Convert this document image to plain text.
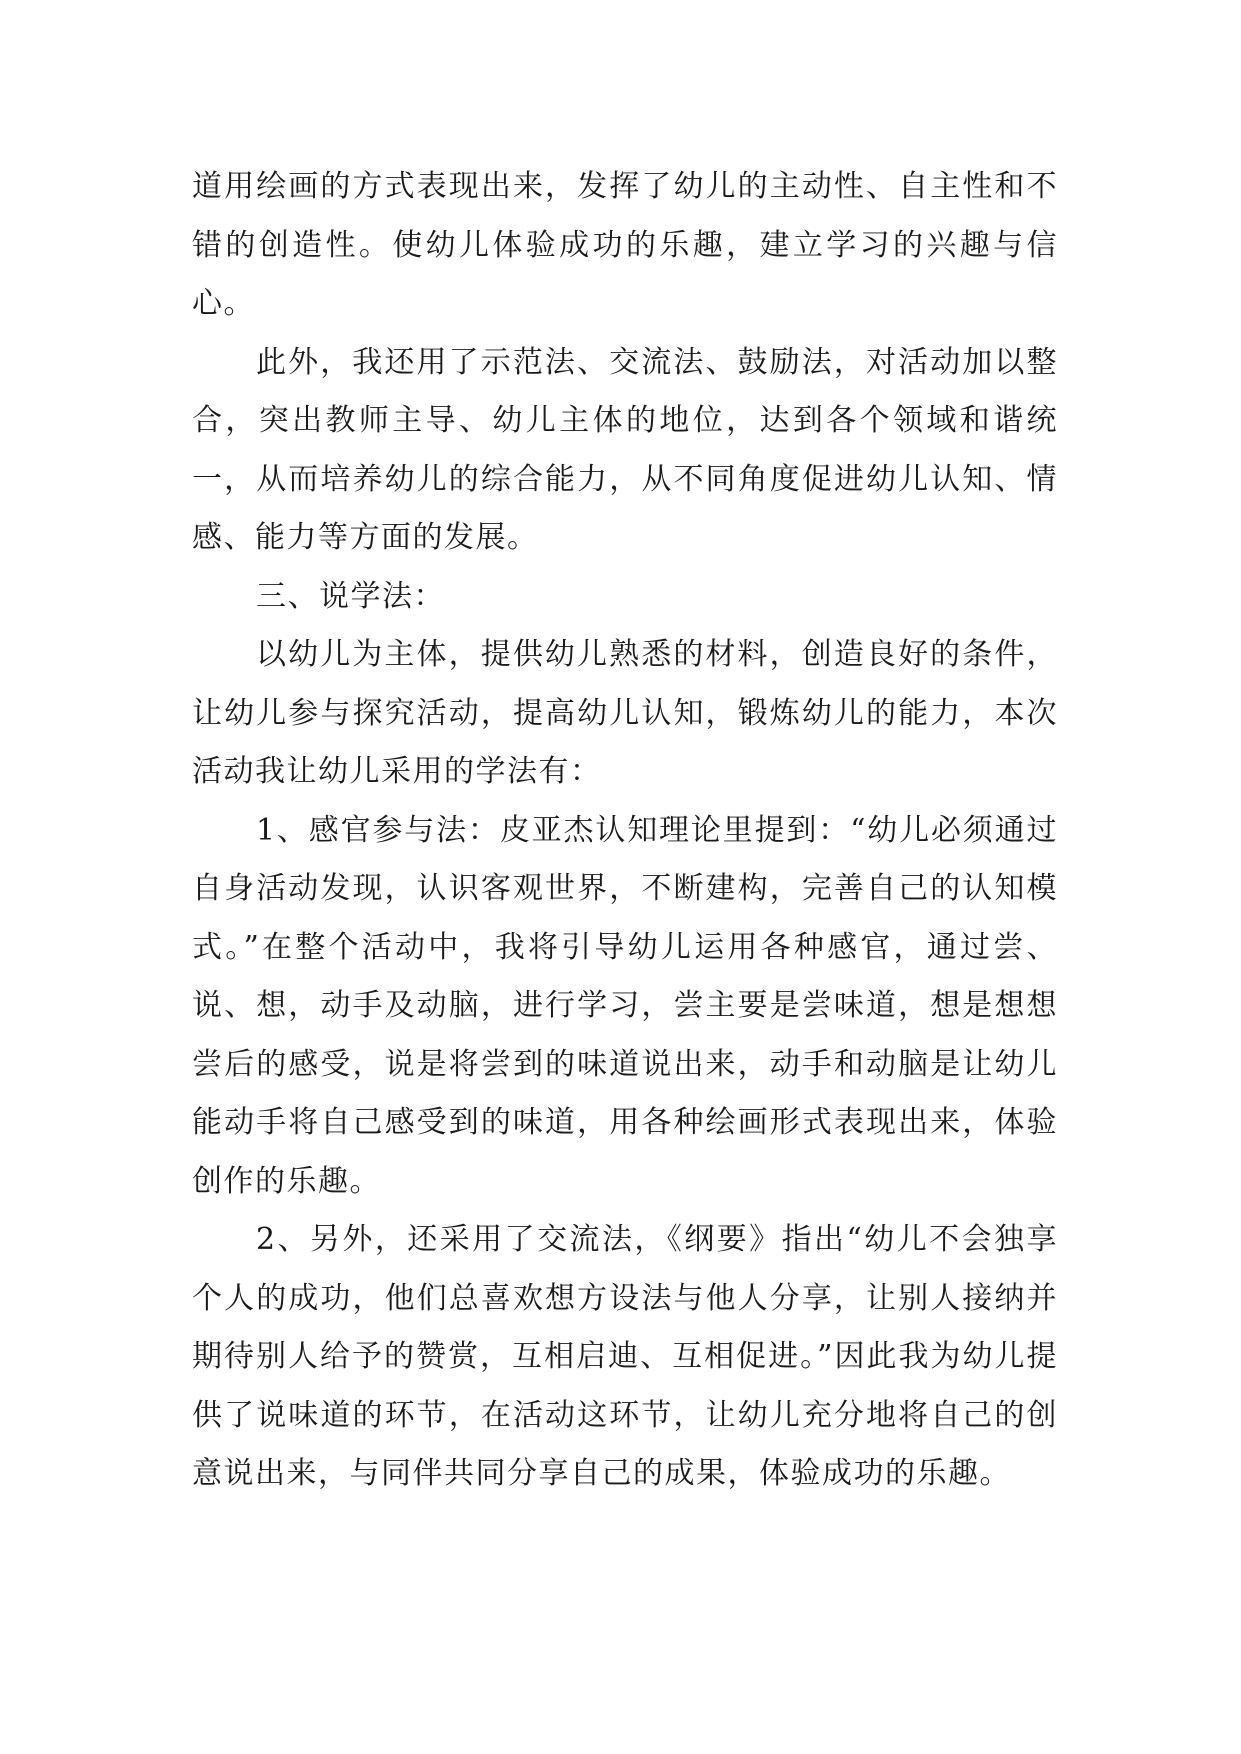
道用绘画的方式表现出来，发挥了幼儿的主动性、自主性和不错的创造性。使幼儿体验成功的乐趣，建立学习的兴趣与信心。

此外，我还用了示范法、交流法、鼓励法，对活动加以整合，突出教师主导、幼儿主体的地位，达到各个领域和谐统一，从而培养幼儿的综合能力，从不同角度促进幼儿认知、情感、能力等方面的发展。

三、说学法：

以幼儿为主体，提供幼儿熟悉的材料，创造良好的条件，让幼儿参与探究活动，提高幼儿认知，锻炼幼儿的能力，本次活动我让幼儿采用的学法有：

1、感官参与法：皮亚杰认知理论里提到：“幼儿必须通过自身活动发现，认识客观世界，不断建构，完善自己的认知模式。”在整个活动中，我将引导幼儿运用各种感官，通过尝、说、想，动手及动脑，进行学习，尝主要是尝味道，想是想想尝后的感受，说是将尝到的味道说出来，动手和动脑是让幼儿能动手将自己感受到的味道，用各种绘画形式表现出来，体验创作的乐趣。

2、另外，还采用了交流法，《纲要》指出“幼儿不会独享个人的成功，他们总喜欢想方设法与他人分享，让别人接纳并期待别人给予的赞赏，互相启迪、互相促进。”因此我为幼儿提供了说味道的环节，在活动这环节，让幼儿充分地将自己的创意说出来，与同伴共同分享自己的成果，体验成功的乐趣。
